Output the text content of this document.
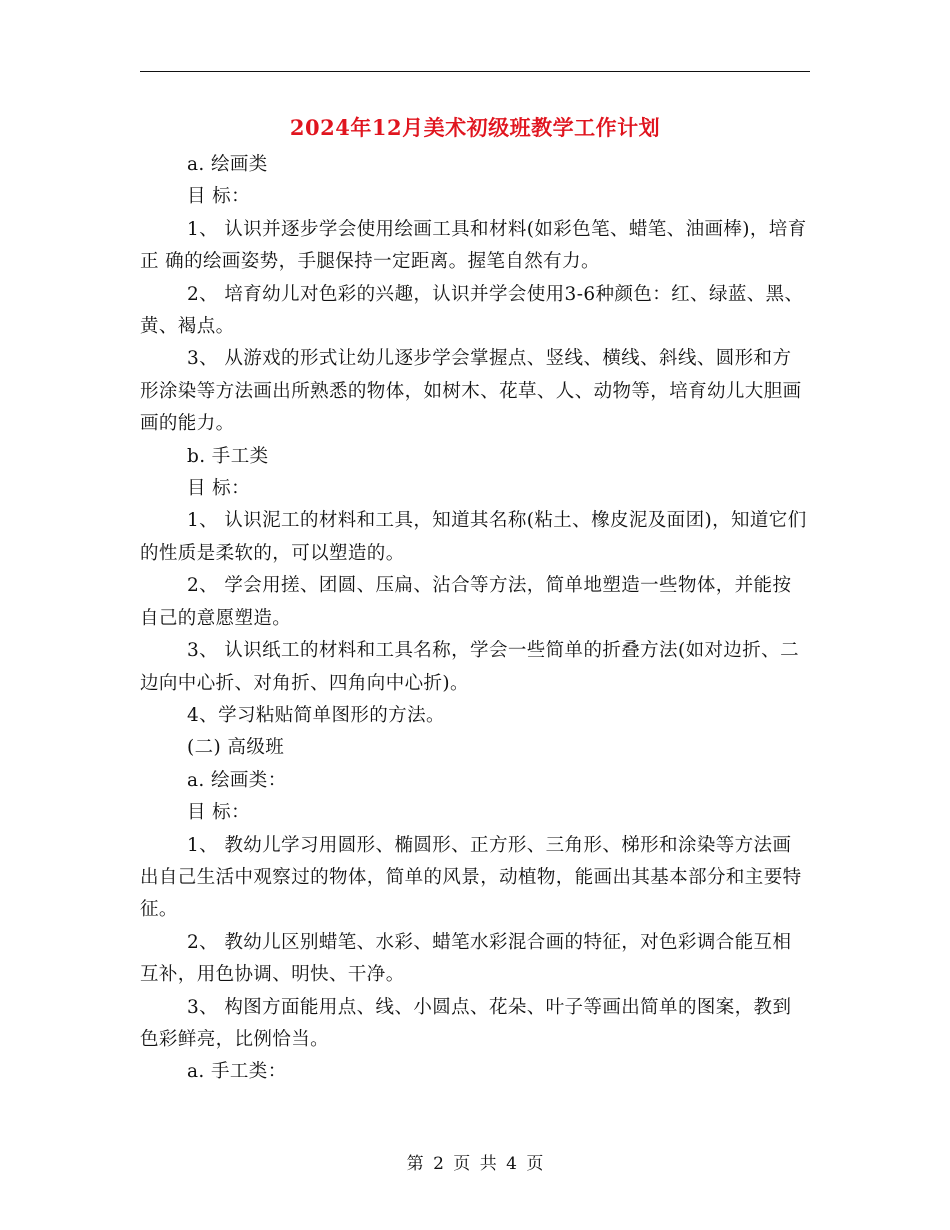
2024年12月美术初级班教学工作计划

a. 绘画类

目 标：

1、 认识并逐步学会使用绘画工具和材料(如彩色笔、蜡笔、油画棒)，培育正 确的绘画姿势，手腿保持一定距离。握笔自然有力。

2、 培育幼儿对色彩的兴趣，认识并学会使用3-6种颜色：红、绿蓝、黑、黄、褐点。

3、 从游戏的形式让幼儿逐步学会掌握点、竖线、横线、斜线、圆形和方形涂染等方法画出所熟悉的物体，如树木、花草、人、动物等，培育幼儿大胆画画的能力。

b. 手工类

目 标：

1、 认识泥工的材料和工具，知道其名称(粘土、橡皮泥及面团)，知道它们的性质是柔软的，可以塑造的。

2、 学会用搓、团圆、压扁、沾合等方法，简单地塑造一些物体，并能按自己的意愿塑造。

3、 认识纸工的材料和工具名称，学会一些简单的折叠方法(如对边折、二边向中心折、对角折、四角向中心折)。

4、学习粘贴简单图形的方法。

(二) 高级班

a. 绘画类：

目 标：

1、 教幼儿学习用圆形、椭圆形、正方形、三角形、梯形和涂染等方法画出自己生活中观察过的物体，简单的风景，动植物，能画出其基本部分和主要特征。

2、 教幼儿区别蜡笔、水彩、蜡笔水彩混合画的特征，对色彩调合能互相互补，用色协调、明快、干净。

3、 构图方面能用点、线、小圆点、花朵、叶子等画出简单的图案，教到色彩鲜亮，比例恰当。

a. 手工类：

第 2 页 共 4 页
